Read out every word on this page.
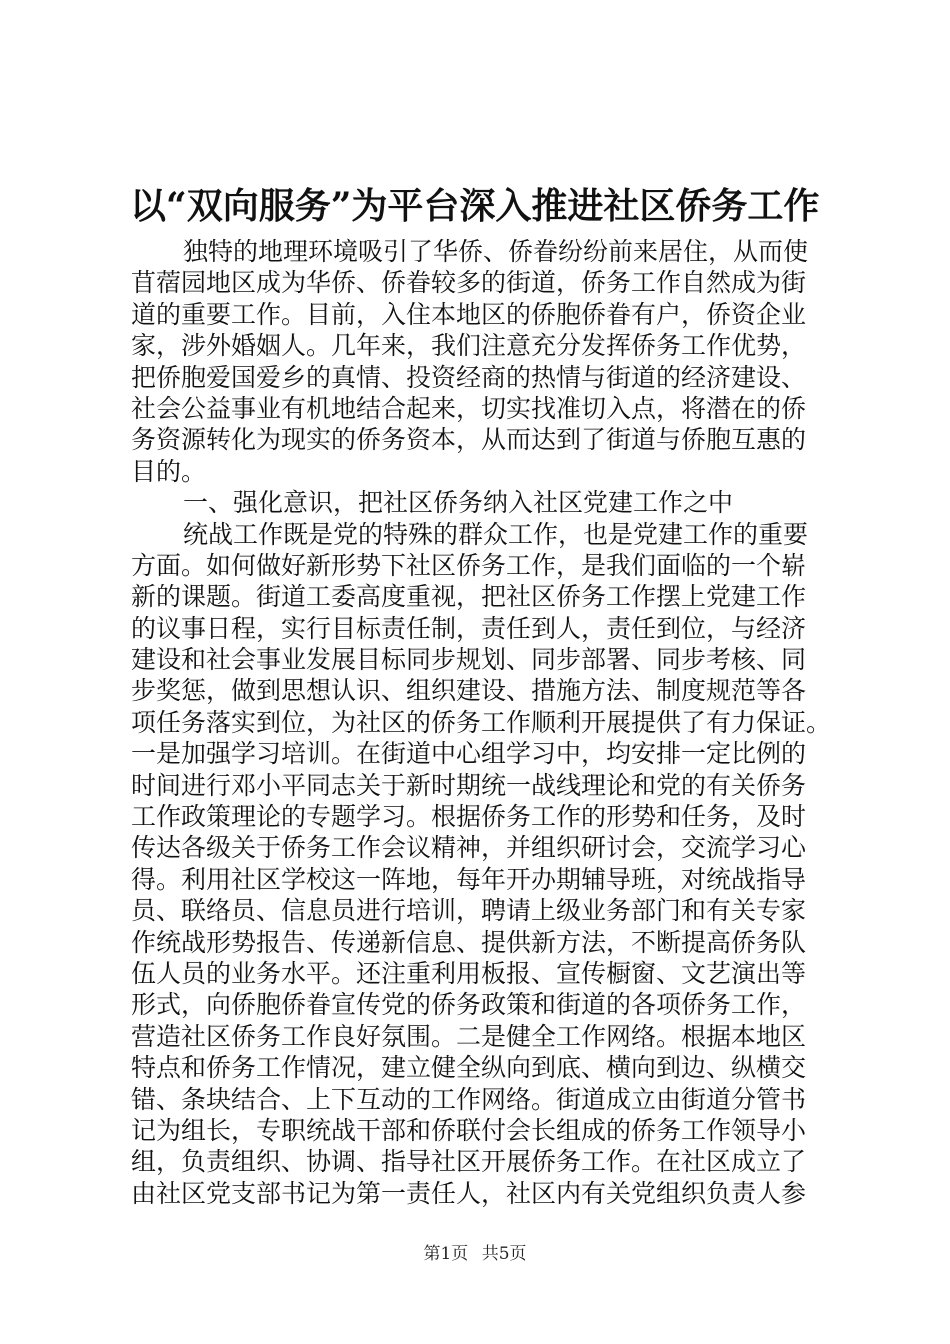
以“双向服务”为平台深入推进社区侨务工作
独特的地理环境吸引了华侨、侨眷纷纷前来居住，从而使
苜蓿园地区成为华侨、侨眷较多的街道，侨务工作自然成为街
道的重要工作。目前，入住本地区的侨胞侨眷有户，侨资企业
家，涉外婚姻人。几年来，我们注意充分发挥侨务工作优势，
把侨胞爱国爱乡的真情、投资经商的热情与街道的经济建设、
社会公益事业有机地结合起来，切实找准切入点，将潜在的侨
务资源转化为现实的侨务资本，从而达到了街道与侨胞互惠的
目的。
一、强化意识，把社区侨务纳入社区党建工作之中
统战工作既是党的特殊的群众工作，也是党建工作的重要
方面。如何做好新形势下社区侨务工作，是我们面临的一个崭
新的课题。街道工委高度重视，把社区侨务工作摆上党建工作
的议事日程，实行目标责任制，责任到人，责任到位，与经济
建设和社会事业发展目标同步规划、同步部署、同步考核、同
步奖惩，做到思想认识、组织建设、措施方法、制度规范等各
项任务落实到位，为社区的侨务工作顺利开展提供了有力保证。
一是加强学习培训。在街道中心组学习中，均安排一定比例的
时间进行邓小平同志关于新时期统一战线理论和党的有关侨务
工作政策理论的专题学习。根据侨务工作的形势和任务，及时
传达各级关于侨务工作会议精神，并组织研讨会，交流学习心
得。利用社区学校这一阵地，每年开办期辅导班，对统战指导
员、联络员、信息员进行培训，聘请上级业务部门和有关专家
作统战形势报告、传递新信息、提供新方法，不断提高侨务队
伍人员的业务水平。还注重利用板报、宣传橱窗、文艺演出等
形式，向侨胞侨眷宣传党的侨务政策和街道的各项侨务工作，
营造社区侨务工作良好氛围。二是健全工作网络。根据本地区
特点和侨务工作情况，建立健全纵向到底、横向到边、纵横交
错、条块结合、上下互动的工作网络。街道成立由街道分管书
记为组长，专职统战干部和侨联付会长组成的侨务工作领导小
组，负责组织、协调、指导社区开展侨务工作。在社区成立了
由社区党支部书记为第一责任人，社区内有关党组织负责人参
第1页 共5页
